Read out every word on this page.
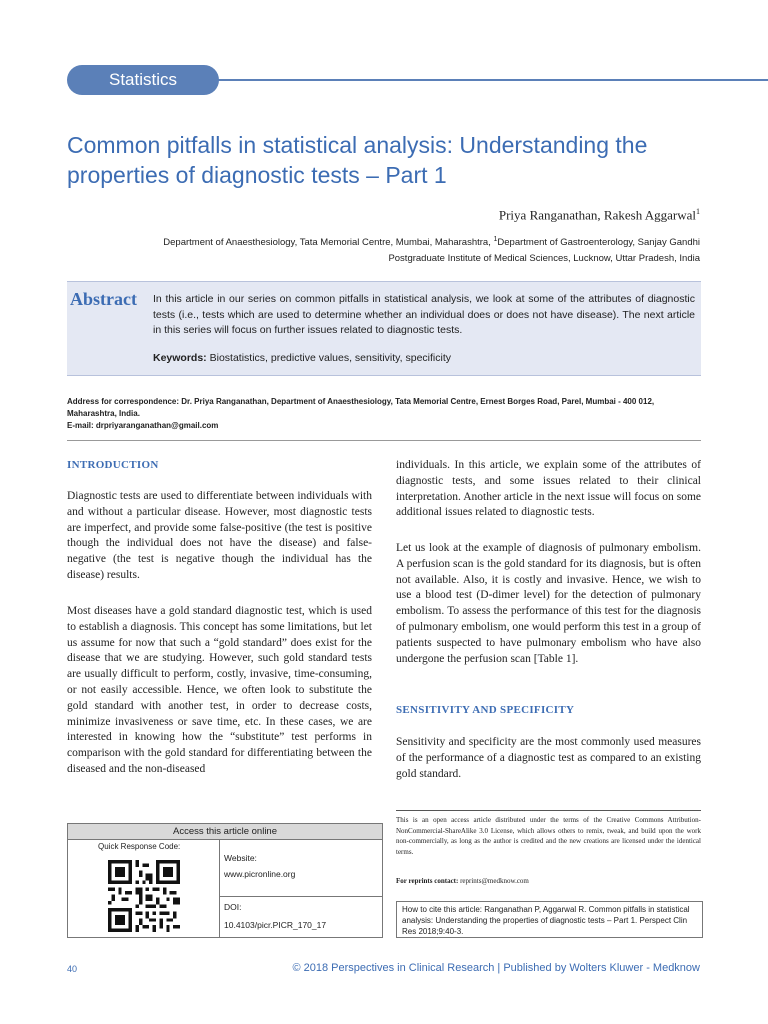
Statistics
Common pitfalls in statistical analysis: Understanding the
properties of diagnostic tests – Part 1
Priya Ranganathan, Rakesh Aggarwal$^1$
Department of Anaesthesiology, Tata Memorial Centre, Mumbai, Maharashtra, $^1$Department of Gastroenterology, Sanjay Gandhi
Postgraduate Institute of Medical Sciences, Lucknow, Uttar Pradesh, India
Abstract In this article in our series on common pitfalls in statistical analysis, we look at some of the attributes of diagnostic tests (i.e., tests which are used to determine whether an individual does or does not have disease). The next article in this series will focus on further issues related to diagnostic tests.
Keywords: Biostatistics, predictive values, sensitivity, specificity
Address for correspondence: Dr. Priya Ranganathan, Department of Anaesthesiology, Tata Memorial Centre, Ernest Borges Road, Parel, Mumbai - 400 012,
Maharashtra, India.
E-mail: drpriyaranganathan@gmail.com
INTRODUCTION
Diagnostic tests are used to differentiate between individuals with and without a particular disease. However, most diagnostic tests are imperfect, and provide some false-positive (the test is positive though the individual does not have the disease) and false-negative (the test is negative though the individual has the disease) results.
Most diseases have a gold standard diagnostic test, which is used to establish a diagnosis. This concept has some limitations, but let us assume for now that such a “gold standard” does exist for the disease that we are studying. However, such gold standard tests are usually difficult to perform, costly, invasive, time-consuming, or not easily accessible. Hence, we often look to substitute the gold standard with another test, in order to decrease costs, minimize invasiveness or save time, etc. In these cases, we are interested in knowing how the “substitute” test performs in comparison with the gold standard for differentiating between the diseased and the non-diseased
individuals. In this article, we explain some of the attributes of diagnostic tests, and some issues related to their clinical interpretation. Another article in the next issue will focus on some additional issues related to diagnostic tests.
Let us look at the example of diagnosis of pulmonary embolism. A perfusion scan is the gold standard for its diagnosis, but is often not available. Also, it is costly and invasive. Hence, we wish to use a blood test (D-dimer level) for the detection of pulmonary embolism. To assess the performance of this test for the diagnosis of pulmonary embolism, one would perform this test in a group of patients suspected to have pulmonary embolism who have also undergone the perfusion scan [Table 1].
SENSITIVITY AND SPECIFICITY
Sensitivity and specificity are the most commonly used measures of the performance of a diagnostic test as compared to an existing gold standard.
Access this article online
Quick Response Code:
Website:
www.picronline.org
DOI:
10.4103/picr.PICR_170_17
This is an open access article distributed under the terms of the Creative Commons Attribution-NonCommercial-ShareAlike 3.0 License, which allows others to remix, tweak, and build upon the work non-commercially, as long as the author is credited and the new creations are licensed under the identical terms.
For reprints contact: reprints@medknow.com
How to cite this article: Ranganathan P, Aggarwal R. Common pitfalls in statistical analysis: Understanding the properties of diagnostic tests – Part 1. Perspect Clin Res 2018;9:40-3.
40	© 2018 Perspectives in Clinical Research | Published by Wolters Kluwer - Medknow
